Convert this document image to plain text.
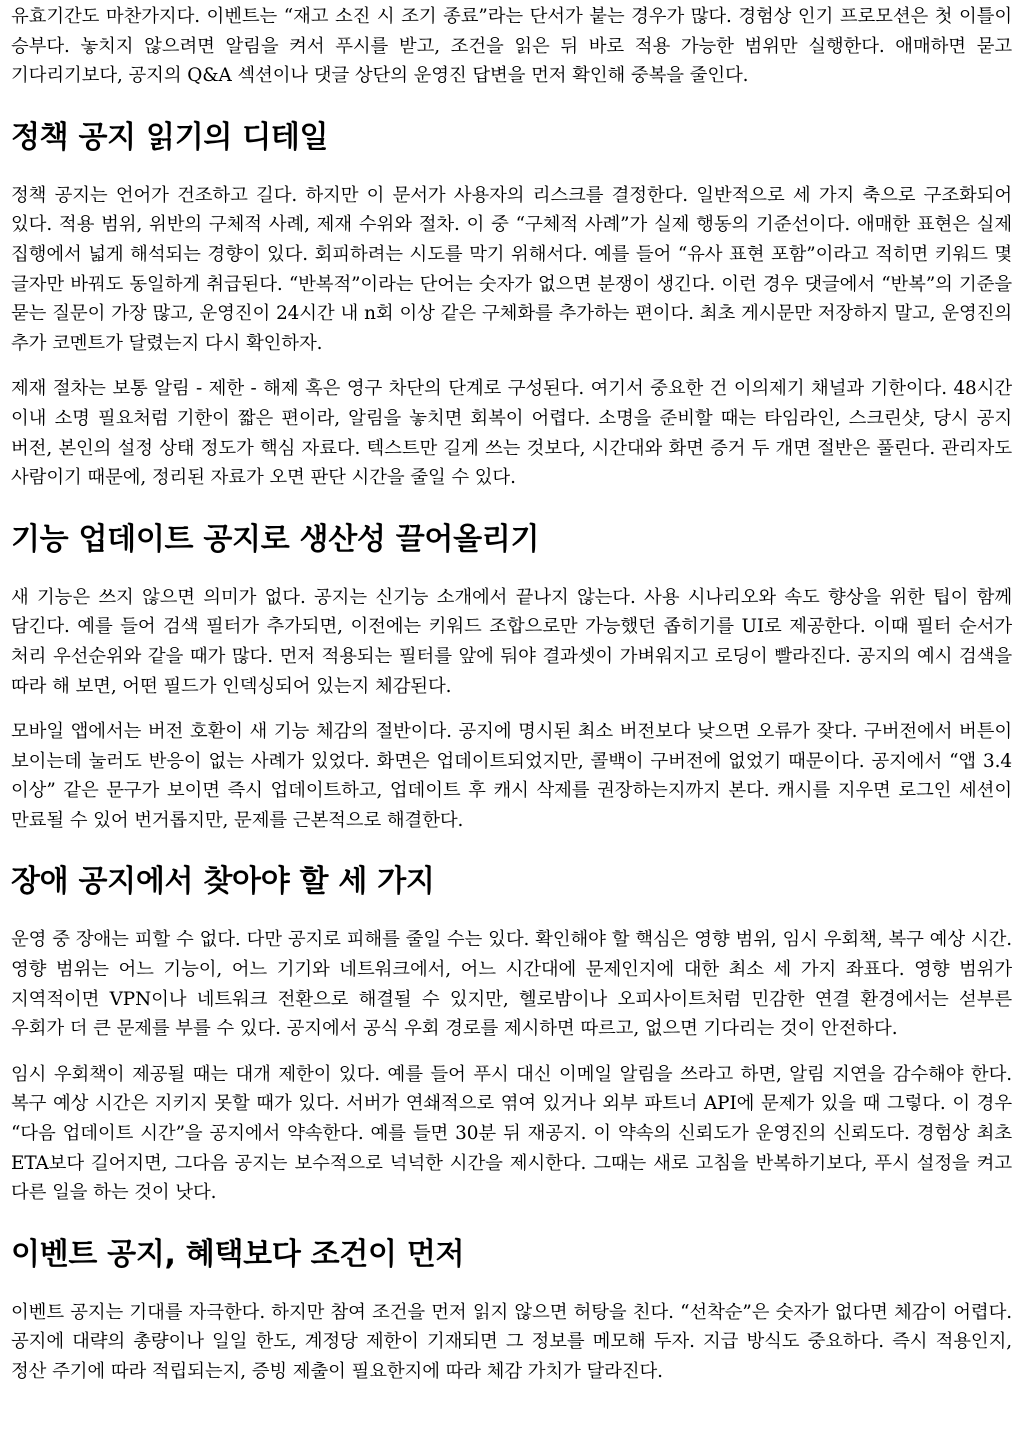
유효기간도 마찬가지다. 이벤트는 “재고 소진 시 조기 종료”라는 단서가 붙는 경우가 많다. 경험상 인기 프로모션은 첫 이틀이 승부다. 놓치지 않으려면 알림을 켜서 푸시를 받고, 조건을 읽은 뒤 바로 적용 가능한 범위만 실행한다. 애매하면 묻고 기다리기보다, 공지의 Q&A 섹션이나 댓글 상단의 운영진 답변을 먼저 확인해 중복을 줄인다.

정책 공지 읽기의 디테일

정책 공지는 언어가 건조하고 길다. 하지만 이 문서가 사용자의 리스크를 결정한다. 일반적으로 세 가지 축으로 구조화되어 있다. 적용 범위, 위반의 구체적 사례, 제재 수위와 절차. 이 중 “구체적 사례”가 실제 행동의 기준선이다. 애매한 표현은 실제 집행에서 넓게 해석되는 경향이 있다. 회피하려는 시도를 막기 위해서다. 예를 들어 “유사 표현 포함”이라고 적히면 키워드 몇 글자만 바꿔도 동일하게 취급된다. “반복적”이라는 단어는 숫자가 없으면 분쟁이 생긴다. 이런 경우 댓글에서 “반복”의 기준을 묻는 질문이 가장 많고, 운영진이 24시간 내 n회 이상 같은 구체화를 추가하는 편이다. 최초 게시문만 저장하지 말고, 운영진의 추가 코멘트가 달렸는지 다시 확인하자.

제재 절차는 보통 알림 - 제한 - 해제 혹은 영구 차단의 단계로 구성된다. 여기서 중요한 건 이의제기 채널과 기한이다. 48시간 이내 소명 필요처럼 기한이 짧은 편이라, 알림을 놓치면 회복이 어렵다. 소명을 준비할 때는 타임라인, 스크린샷, 당시 공지 버전, 본인의 설정 상태 정도가 핵심 자료다. 텍스트만 길게 쓰는 것보다, 시간대와 화면 증거 두 개면 절반은 풀린다. 관리자도 사람이기 때문에, 정리된 자료가 오면 판단 시간을 줄일 수 있다.

기능 업데이트 공지로 생산성 끌어올리기

새 기능은 쓰지 않으면 의미가 없다. 공지는 신기능 소개에서 끝나지 않는다. 사용 시나리오와 속도 향상을 위한 팁이 함께 담긴다. 예를 들어 검색 필터가 추가되면, 이전에는 키워드 조합으로만 가능했던 좁히기를 UI로 제공한다. 이때 필터 순서가 처리 우선순위와 같을 때가 많다. 먼저 적용되는 필터를 앞에 둬야 결과셋이 가벼워지고 로딩이 빨라진다. 공지의 예시 검색을 따라 해 보면, 어떤 필드가 인덱싱되어 있는지 체감된다.

모바일 앱에서는 버전 호환이 새 기능 체감의 절반이다. 공지에 명시된 최소 버전보다 낮으면 오류가 잦다. 구버전에서 버튼이 보이는데 눌러도 반응이 없는 사례가 있었다. 화면은 업데이트되었지만, 콜백이 구버전에 없었기 때문이다. 공지에서 “앱 3.4 이상” 같은 문구가 보이면 즉시 업데이트하고, 업데이트 후 캐시 삭제를 권장하는지까지 본다. 캐시를 지우면 로그인 세션이 만료될 수 있어 번거롭지만, 문제를 근본적으로 해결한다.

장애 공지에서 찾아야 할 세 가지

운영 중 장애는 피할 수 없다. 다만 공지로 피해를 줄일 수는 있다. 확인해야 할 핵심은 영향 범위, 임시 우회책, 복구 예상 시간. 영향 범위는 어느 기능이, 어느 기기와 네트워크에서, 어느 시간대에 문제인지에 대한 최소 세 가지 좌표다. 영향 범위가 지역적이면 VPN이나 네트워크 전환으로 해결될 수 있지만, 헬로밤이나 오피사이트처럼 민감한 연결 환경에서는 섣부른 우회가 더 큰 문제를 부를 수 있다. 공지에서 공식 우회 경로를 제시하면 따르고, 없으면 기다리는 것이 안전하다.

임시 우회책이 제공될 때는 대개 제한이 있다. 예를 들어 푸시 대신 이메일 알림을 쓰라고 하면, 알림 지연을 감수해야 한다. 복구 예상 시간은 지키지 못할 때가 있다. 서버가 연쇄적으로 엮여 있거나 외부 파트너 API에 문제가 있을 때 그렇다. 이 경우 “다음 업데이트 시간”을 공지에서 약속한다. 예를 들면 30분 뒤 재공지. 이 약속의 신뢰도가 운영진의 신뢰도다. 경험상 최초 ETA보다 길어지면, 그다음 공지는 보수적으로 넉넉한 시간을 제시한다. 그때는 새로 고침을 반복하기보다, 푸시 설정을 켜고 다른 일을 하는 것이 낫다.

이벤트 공지, 혜택보다 조건이 먼저

이벤트 공지는 기대를 자극한다. 하지만 참여 조건을 먼저 읽지 않으면 허탕을 친다. “선착순”은 숫자가 없다면 체감이 어렵다. 공지에 대략의 총량이나 일일 한도, 계정당 제한이 기재되면 그 정보를 메모해 두자. 지급 방식도 중요하다. 즉시 적용인지, 정산 주기에 따라 적립되는지, 증빙 제출이 필요한지에 따라 체감 가치가 달라진다.
